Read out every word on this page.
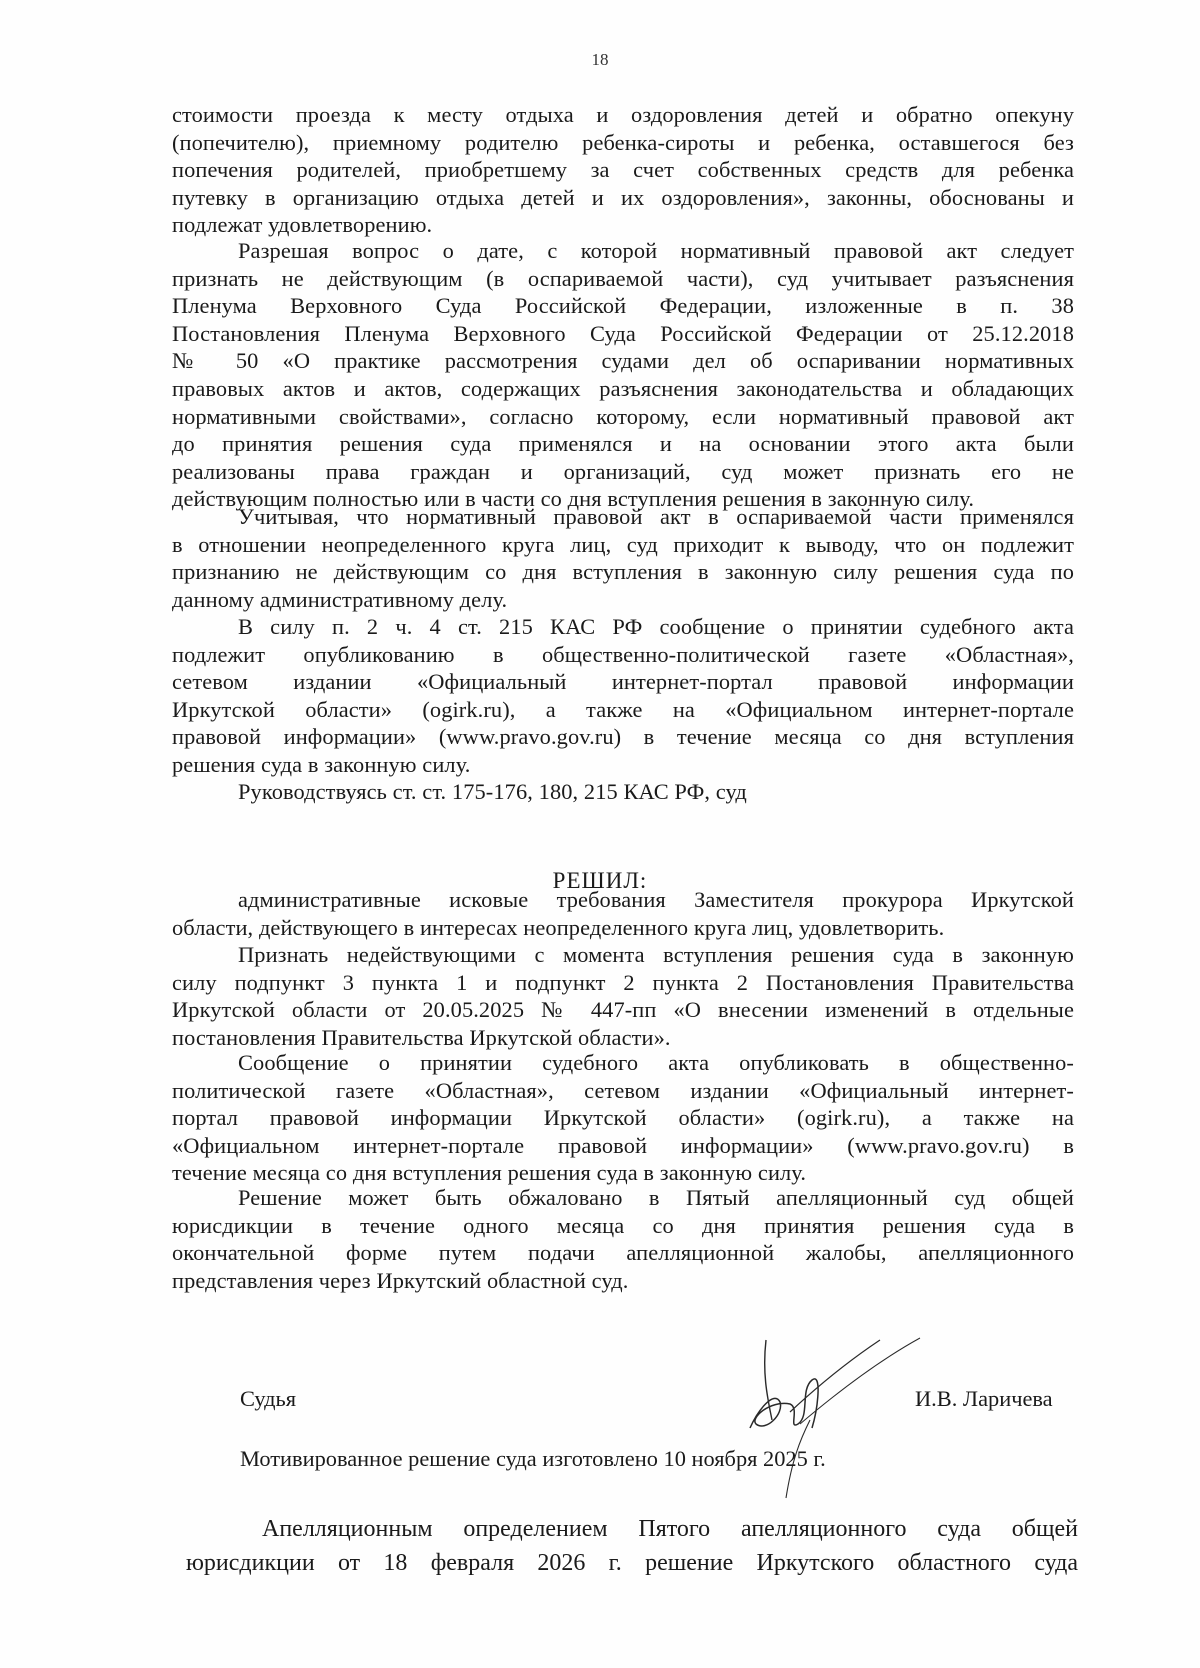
18
стоимости проезда к месту отдыха и оздоровления детей и обратно опекуну
(попечителю), приемному родителю ребенка-сироты и ребенка, оставшегося без
попечения родителей, приобретшему за счет собственных средств для ребенка
путевку в организацию отдыха детей и их оздоровления», законны, обоснованы и
подлежат удовлетворению.
Разрешая вопрос о дате, с которой нормативный правовой акт следует
признать не действующим (в оспариваемой части), суд учитывает разъяснения
Пленума Верховного Суда Российской Федерации, изложенные в п. 38
Постановления Пленума Верховного Суда Российской Федерации от 25.12.2018
№ 50 «О практике рассмотрения судами дел об оспаривании нормативных
правовых актов и актов, содержащих разъяснения законодательства и обладающих
нормативными свойствами», согласно которому, если нормативный правовой акт
до принятия решения суда применялся и на основании этого акта были
реализованы права граждан и организаций, суд может признать его не
действующим полностью или в части со дня вступления решения в законную силу.
Учитывая, что нормативный правовой акт в оспариваемой части применялся
в отношении неопределенного круга лиц, суд приходит к выводу, что он подлежит
признанию не действующим со дня вступления в законную силу решения суда по
данному административному делу.
В силу п. 2 ч. 4 ст. 215 КАС РФ сообщение о принятии судебного акта
подлежит опубликованию в общественно-политической газете «Областная»,
сетевом издании «Официальный интернет-портал правовой информации
Иркутской области» (ogirk.ru), а также на «Официальном интернет-портале
правовой информации» (www.pravo.gov.ru) в течение месяца со дня вступления
решения суда в законную силу.
Руководствуясь ст. ст. 175-176, 180, 215 КАС РФ, суд
РЕШИЛ:
административные исковые требования Заместителя прокурора Иркутской
области, действующего в интересах неопределенного круга лиц, удовлетворить.
Признать недействующими с момента вступления решения суда в законную
силу подпункт 3 пункта 1 и подпункт 2 пункта 2 Постановления Правительства
Иркутской области от 20.05.2025 № 447-пп «О внесении изменений в отдельные
постановления Правительства Иркутской области».
Сообщение о принятии судебного акта опубликовать в общественно-
политической газете «Областная», сетевом издании «Официальный интернет-
портал правовой информации Иркутской области» (ogirk.ru), а также на
«Официальном интернет-портале правовой информации» (www.pravo.gov.ru) в
течение месяца со дня вступления решения суда в законную силу.
Решение может быть обжаловано в Пятый апелляционный суд общей
юрисдикции в течение одного месяца со дня принятия решения суда в
окончательной форме путем подачи апелляционной жалобы, апелляционного
представления через Иркутский областной суд.
Судья	И.В. Ларичева
Мотивированное решение суда изготовлено 10 ноября 2025 г.
Апелляционным определением Пятого апелляционного суда общей
юрисдикции от 18 февраля 2026 г. решение Иркутского областного суда
